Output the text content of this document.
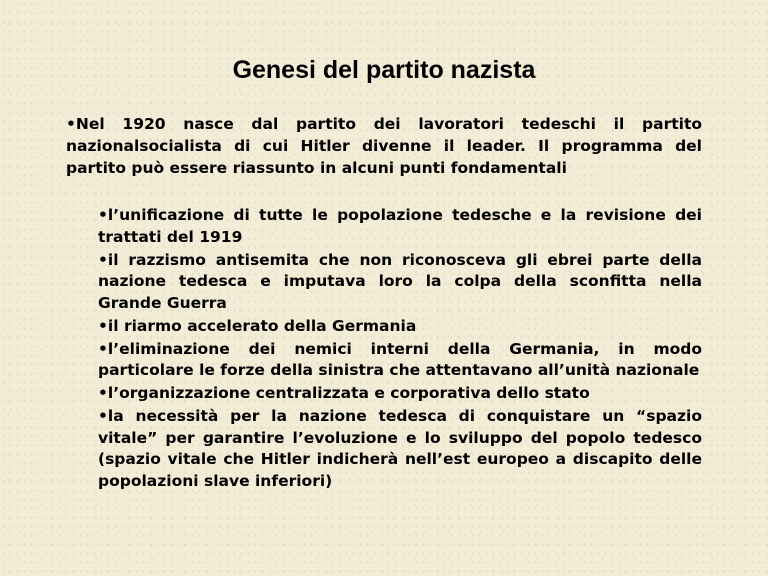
Genesi del partito nazista

•Nel 1920 nasce dal partito dei lavoratori tedeschi il partito nazionalsocialista di cui Hitler divenne il leader. Il programma del partito può essere riassunto in alcuni punti fondamentali

•l’unificazione di tutte le popolazione tedesche e la revisione dei trattati del 1919
•il razzismo antisemita che non riconosceva gli ebrei parte della nazione tedesca e imputava loro la colpa della sconfitta nella Grande Guerra
•il riarmo accelerato della Germania
•l’eliminazione dei nemici interni della Germania, in modo particolare le forze della sinistra che attentavano all’unità nazionale
•l’organizzazione centralizzata e corporativa dello stato
•la necessità per la nazione tedesca di conquistare un “spazio vitale” per garantire l’evoluzione e lo sviluppo del popolo tedesco (spazio vitale che Hitler indicherà nell’est europeo a discapito delle popolazioni slave inferiori)
